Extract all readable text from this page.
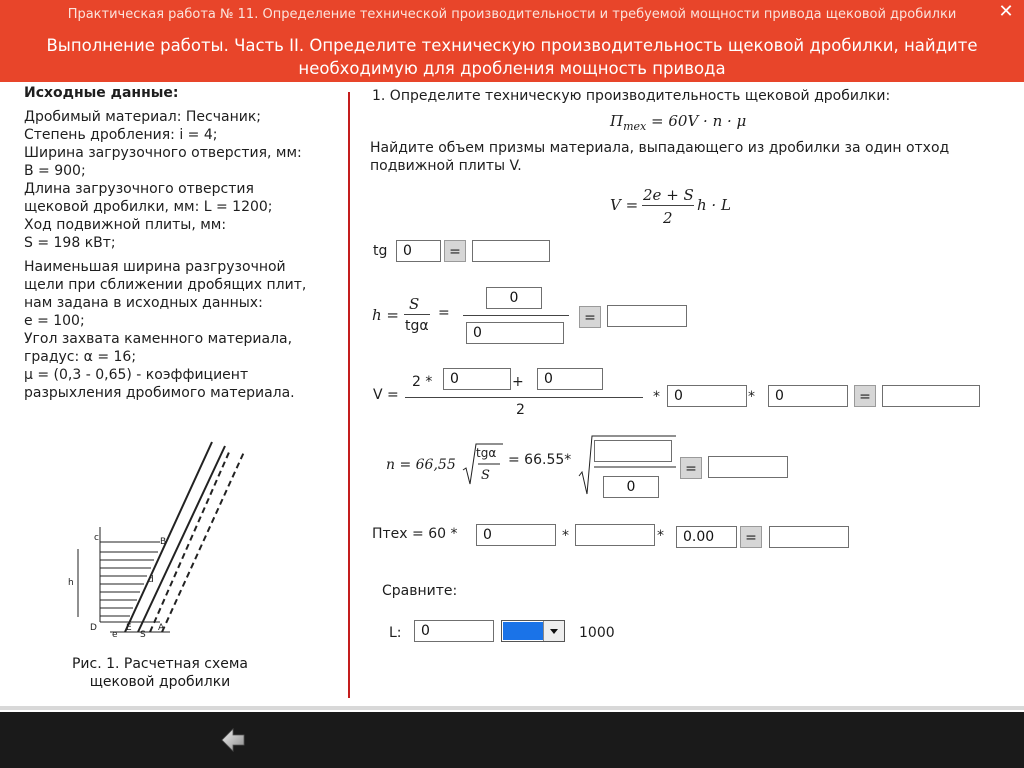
Практическая работа № 11. Определение технической производительности и требуемой мощности привода щековой дробилки	✕
Выполнение работы. Часть II. Определите техническую производительность щековой дробилки, найдите
необходимую для дробления мощность привода

Исходные данные:

Дробимый материал: Песчаник;

Степень дробления: i = 4;

Ширина загрузочного отверстия, мм:

В = 900;

Длина загрузочного отверстия

щековой дробилки, мм: L = 1200;

Ход подвижной плиты, мм:

S = 198 кВт;

Наименьшая ширина разгрузочной

щели при сближении дробящих плит,

нам задана в исходных данных:

е = 100;

Угол захвата каменного материала,

градус: α = 16;

μ = (0,3 - 0,65) - коэффициент

разрыхления дробимого материала.

c	B
h	d
D	E	A
e S
Рис. 1. Расчетная схема
щековой дробилки
1. Определите техническую производительность щековой дробилки:
$П_{тех} = 60V \cdot n \cdot \mu$
Найдите объем призмы материала, выпадающего из дробилки за один отход
подвижной плиты V.
V =
2e + S
2
h · L
tg	0	=
h =
S
tgα
=
0
0
=
V =
2 *	0	+	0
2
*	0	*	0	=
n = 66,55
tgα
S
= 66.55*
0
=
Птех = 60 *	0	*	*	0.00	=
Сравните:
L:	0	1000
